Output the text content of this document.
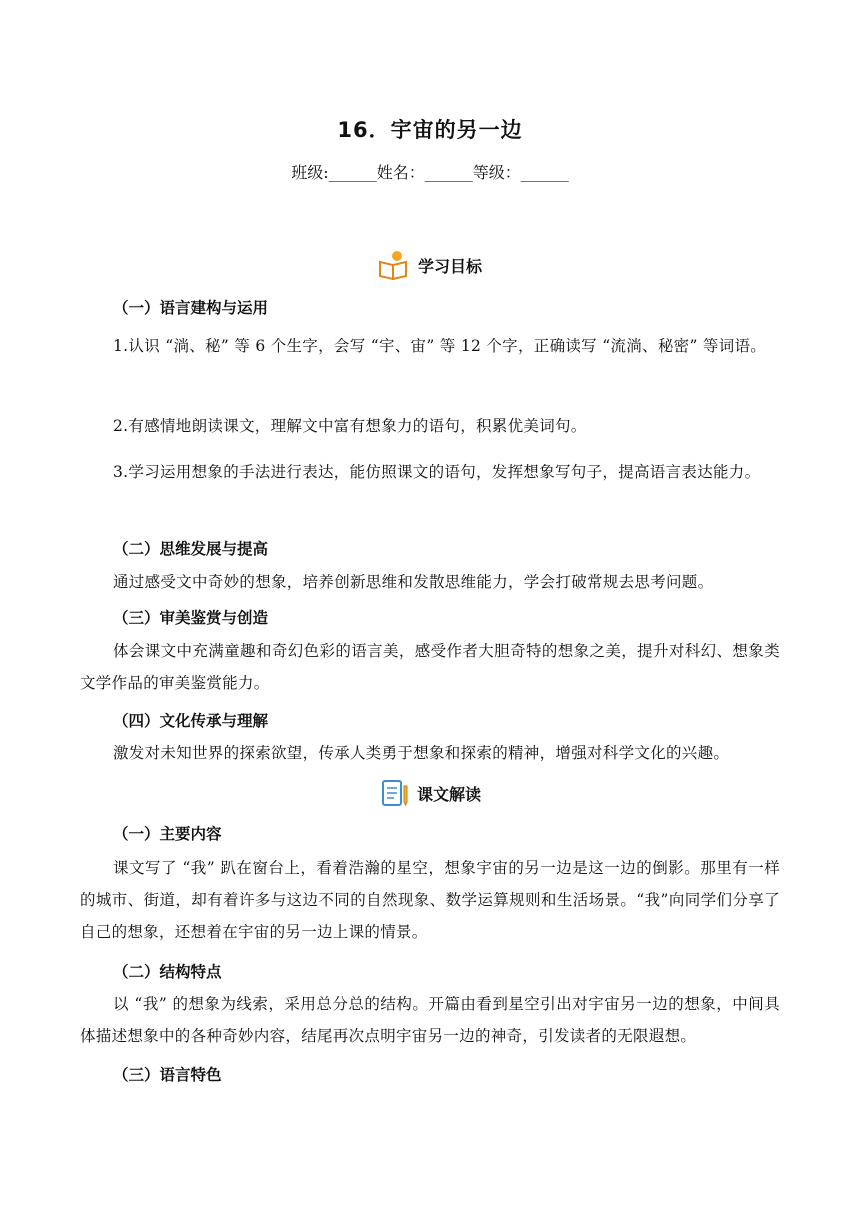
16．宇宙的另一边
班级:______姓名：______等级：______
学习目标
（一）语言建构与运用
1.认识 “淌、秘” 等 6 个生字，会写 “宇、宙” 等 12 个字，正确读写 “流淌、秘密” 等词语。
2.有感情地朗读课文，理解文中富有想象力的语句，积累优美词句。
3.学习运用想象的手法进行表达，能仿照课文的语句，发挥想象写句子，提高语言表达能力。
（二）思维发展与提高
通过感受文中奇妙的想象，培养创新思维和发散思维能力，学会打破常规去思考问题。
（三）审美鉴赏与创造
体会课文中充满童趣和奇幻色彩的语言美，感受作者大胆奇特的想象之美，提升对科幻、想象类文学作品的审美鉴赏能力。
（四）文化传承与理解
激发对未知世界的探索欲望，传承人类勇于想象和探索的精神，增强对科学文化的兴趣。
课文解读
（一）主要内容
课文写了 “我” 趴在窗台上，看着浩瀚的星空，想象宇宙的另一边是这一边的倒影。那里有一样的城市、街道，却有着许多与这边不同的自然现象、数学运算规则和生活场景。“我”向同学们分享了自己的想象，还想着在宇宙的另一边上课的情景。
（二）结构特点
以 “我” 的想象为线索，采用总分总的结构。开篇由看到星空引出对宇宙另一边的想象，中间具体描述想象中的各种奇妙内容，结尾再次点明宇宙另一边的神奇，引发读者的无限遐想。
（三）语言特色
